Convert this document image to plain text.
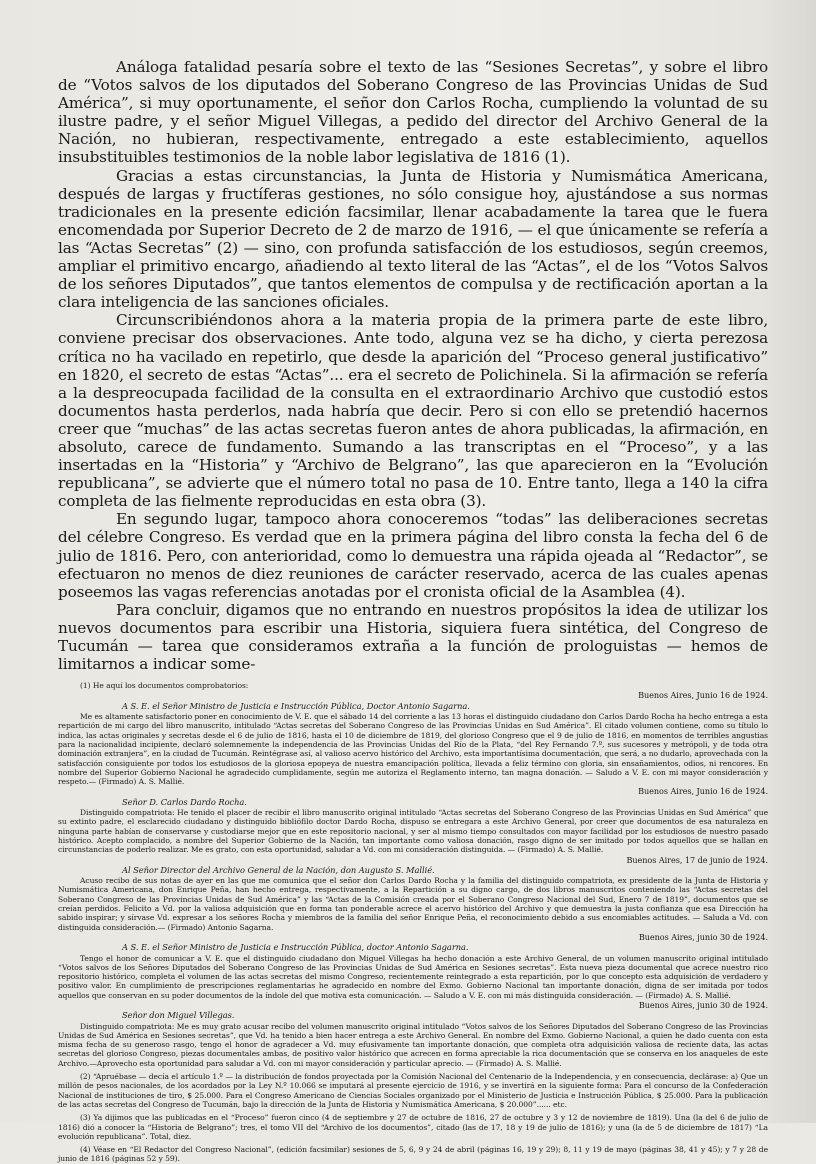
Análoga fatalidad pesaría sobre el texto de las “Sesiones Secretas”, y sobre el libro de “Votos salvos de los diputados del Soberano Congreso de las Provincias Unidas de Sud América”, si muy oportunamente, el señor don Carlos Rocha, cumpliendo la voluntad de su ilustre padre, y el señor Miguel Villegas, a pedido del director del Archivo General de la Nación, no hubieran, respectivamente, entregado a este establecimiento, aquellos insubstituibles testimonios de la noble labor legislativa de 1816 (1).

Gracias a estas circunstancias, la Junta de Historia y Numismática Americana, después de largas y fructíferas gestiones, no sólo consigue hoy, ajustándose a sus normas tradicionales en la presente edición facsimilar, llenar acabadamente la tarea que le fuera encomendada por Superior Decreto de 2 de marzo de 1916, — el que únicamente se refería a las “Actas Secretas” (2) — sino, con profunda satisfacción de los estudiosos, según creemos, ampliar el primitivo encargo, añadiendo al texto literal de las “Actas”, el de los “Votos Salvos de los señores Diputados”, que tantos elementos de compulsa y de rectificación aportan a la clara inteligencia de las sanciones oficiales.

Circunscribiéndonos ahora a la materia propia de la primera parte de este libro, conviene precisar dos observaciones. Ante todo, alguna vez se ha dicho, y cierta perezosa crítica no ha vacilado en repetirlo, que desde la aparición del “Proceso general justificativo” en 1820, el secreto de estas “Actas”... era el secreto de Polichinela. Si la afirmación se refería a la despreocupada facilidad de la consulta en el extraordinario Archivo que custodió estos documentos hasta perderlos, nada habría que decir. Pero si con ello se pretendió hacernos creer que “muchas” de las actas secretas fueron antes de ahora publicadas, la afirmación, en absoluto, carece de fundamento. Sumando a las transcriptas en el “Proceso”, y a las insertadas en la “Historia” y “Archivo de Belgrano”, las que aparecieron en la “Evolución republicana”, se advierte que el número total no pasa de 10. Entre tanto, llega a 140 la cifra completa de las fielmente reproducidas en esta obra (3).

En segundo lugar, tampoco ahora conoceremos “todas” las deliberaciones secretas del célebre Congreso. Es verdad que en la primera página del libro consta la fecha del 6 de julio de 1816. Pero, con anterioridad, como lo demuestra una rápida ojeada al “Redactor”, se efectuaron no menos de diez reuniones de carácter reservado, acerca de las cuales apenas poseemos las vagas referencias anotadas por el cronista oficial de la Asamblea (4).

Para concluir, digamos que no entrando en nuestros propósitos la idea de utilizar los nuevos documentos para escribir una Historia, siquiera fuera sintética, del Congreso de Tucumán — tarea que consideramos extraña a la función de prologuistas — hemos de limitarnos a indicar some-

(1) He aquí los documentos comprobatorios:

Buenos Aires, Junio 16 de 1924.

A S. E. el Señor Ministro de Justicia e Instrucción Pública, Doctor Antonio Sagarna.

Me es altamente satisfactorio poner en conocimiento de V. E. que el sábado 14 del corriente a las 13 horas el distinguido ciudadano don Carlos Dardo Rocha ha hecho entrega a esta repartición de mi cargo del libro manuscrito, intitulado “Actas secretas del Soberano Congreso de las Provincias Unidas en Sud América”. El citado volumen contiene, como su título lo indica, las actas originales y secretas desde el 6 de julio de 1816, hasta el 10 de diciembre de 1819, del glorioso Congreso que el 9 de julio de 1816, en momentos de terribles angustias para la nacionalidad incipiente, declaró solemnemente la independencia de las Provincias Unidas del Río de la Plata, “del Rey Fernando 7.º, sus sucesores y metrópoli, y de toda otra dominación extranjera”, en la ciudad de Tucumán. Reintégrase así, al valioso acervo histórico del Archivo, esta importantísima documentación, que será, a no dudarlo, aprovechada con la satisfacción consiguiente por todos los estudiosos de la gloriosa epopeya de nuestra emancipación política, llevada a feliz término con gloria, sin ensañamientos, odios, ni rencores. En nombre del Superior Gobierno Nacional he agradecido cumplidamente, según me autoriza el Reglamento interno, tan magna donación. — Saludo a V. E. con mi mayor consideración y respeto.— (Firmado) A. S. Mallié.

Buenos Aires, Junio 16 de 1924.

Señor D. Carlos Dardo Rocha.

Distinguido compatriota: He tenido el placer de recibir el libro manuscrito original intitulado “Actas secretas del Soberano Congreso de las Provincias Unidas en Sud América” que su extinto padre, el esclarecido ciudadano y distinguido bibliófilo doctor Dardo Rocha, dispuso se entregara a este Archivo General, por creer que documentos de esa naturaleza en ninguna parte habían de conservarse y custodiarse mejor que en este repositorio nacional, y ser al mismo tiempo consultados con mayor facilidad por los estudiosos de nuestro pasado histórico. Acepto complacido, a nombre del Superior Gobierno de la Nación, tan importante como valiosa donación, rasgo digno de ser imitado por todos aquellos que se hallan en circunstancias de poderlo realizar. Me es grato, con esta oportunidad, saludar a Vd. con mi consideración distinguida. — (Firmado) A. S. Mallié.

Buenos Aires, 17 de junio de 1924.

Al Señor Director del Archivo General de la Nación, don Augusto S. Mallié.

Acuso recibo de sus notas de ayer en las que me comunica que el señor don Carlos Dardo Rocha y la familia del distinguido compatriota, ex presidente de la Junta de Historia y Numismática Americana, don Enrique Peña, han hecho entrega, respectivamente, a la Repartición a su digno cargo, de dos libros manuscritos conteniendo las “Actas secretas del Soberano Congreso de las Provincias Unidas de Sud América” y las “Actas de la Comisión creada por el Soberano Congreso Nacional del Sud, Enero 7 de 1819”, documentos que se creían perdidos. Felicito a Vd. por la valiosa adquisición que en forma tan ponderable acrece el acervo histórico del Archivo y que demuestra la justa confianza que esa Dirección ha sabido inspirar; y sírvase Vd. expresar a los señores Rocha y miembros de la familia del señor Enrique Peña, el reconocimiento debido a sus encomiables actitudes. — Saluda a Vd. con distinguida consideración.— (Firmado) Antonio Sagarna.

Buenos Aires, junio 30 de 1924.

A S. E. el Señor Ministro de Justicia e Instrucción Pública, doctor Antonio Sagarna.

Tengo el honor de comunicar a V. E. que el distinguido ciudadano don Miguel Villegas ha hecho donación a este Archivo General, de un volumen manuscrito original intitulado “Votos salvos de los Señores Diputados del Soberano Congreso de las Provincias Unidas de Sud América en Sesiones secretas”. Esta nueva pieza documental que acrece nuestro rico repositorio histórico, completa el volumen de las actas secretas del mismo Congreso, recientemente reintegrado a esta repartición, por lo que concepto esta adquisición de verdadero y positivo valor. En cumplimiento de prescripciones reglamentarias he agradecido en nombre del Exmo. Gobierno Nacional tan importante donación, digna de ser imitada por todos aquellos que conservan en su poder documentos de la índole del que motiva esta comunicación. — Saludo a V. E. con mi más distinguida consideración. — (Firmado) A. S. Mallié.

Buenos Aires, junio 30 de 1924.

Señor don Miguel Villegas.

Distinguido compatriota: Me es muy grato acusar recibo del volumen manuscrito original intitulado “Votos salvos de los Señores Diputados del Soberano Congreso de las Provincias Unidas de Sud América en Sesiones secretas”, que Vd. ha tenido a bien hacer entrega a este Archivo General. En nombre del Exmo. Gobierno Nacional, a quien he dado cuenta con esta misma fecha de su generoso rasgo, tengo el honor de agradecer a Vd. muy efusivamente tan importante donación, que completa otra adquisición valiosa de reciente data, las actas secretas del glorioso Congreso, piezas documentales ambas, de positivo valor histórico que acrecen en forma apreciable la rica documentación que se conserva en los anaqueles de este Archivo.—Aprovecho esta oportunidad para saludar a Vd. con mi mayor consideración y particular aprecio. — (Firmado) A. S. Mallié.

(2) “Apruébase — decía el artículo 1.º — la distribución de fondos proyectada por la Comisión Nacional del Centenario de la Independencia, y en consecuencia, declárase: a) Que un millón de pesos nacionales, de los acordados por la Ley N.º 10.066 se imputará al presente ejercicio de 1916, y se invertirá en la siguiente forma: Para el concurso de la Confederación Nacional de instituciones de tiro, $ 25.000. Para el Congreso Americano de Ciencias Sociales organizado por el Ministerio de Justicia e Instrucción Pública, $ 25.000. Para la publicación de las actas secretas del Congreso de Tucumán, bajo la dirección de la Junta de Historia y Numismática Americana, $ 20.000”...... etc.

(3) Ya dijimos que las publicadas en el “Proceso” fueron cinco (4 de septiembre y 27 de octubre de 1816, 27 de octubre y 3 y 12 de noviembre de 1819). Una (la del 6 de julio de 1816) dió a conocer la “Historia de Belgrano”; tres, el tomo VII del “Archivo de los documentos”, citado (las de 17, 18 y 19 de julio de 1816); y una (la de 5 de diciembre de 1817) “La evolución republicana”. Total, diez.

(4) Véase en “El Redactor del Congreso Nacional”, (edición facsimilar) sesiones de 5, 6, 9 y 24 de abril (páginas 16, 19 y 29); 8, 11 y 19 de mayo (páginas 38, 41 y 45); y 7 y 28 de junio de 1816 (páginas 52 y 59).
